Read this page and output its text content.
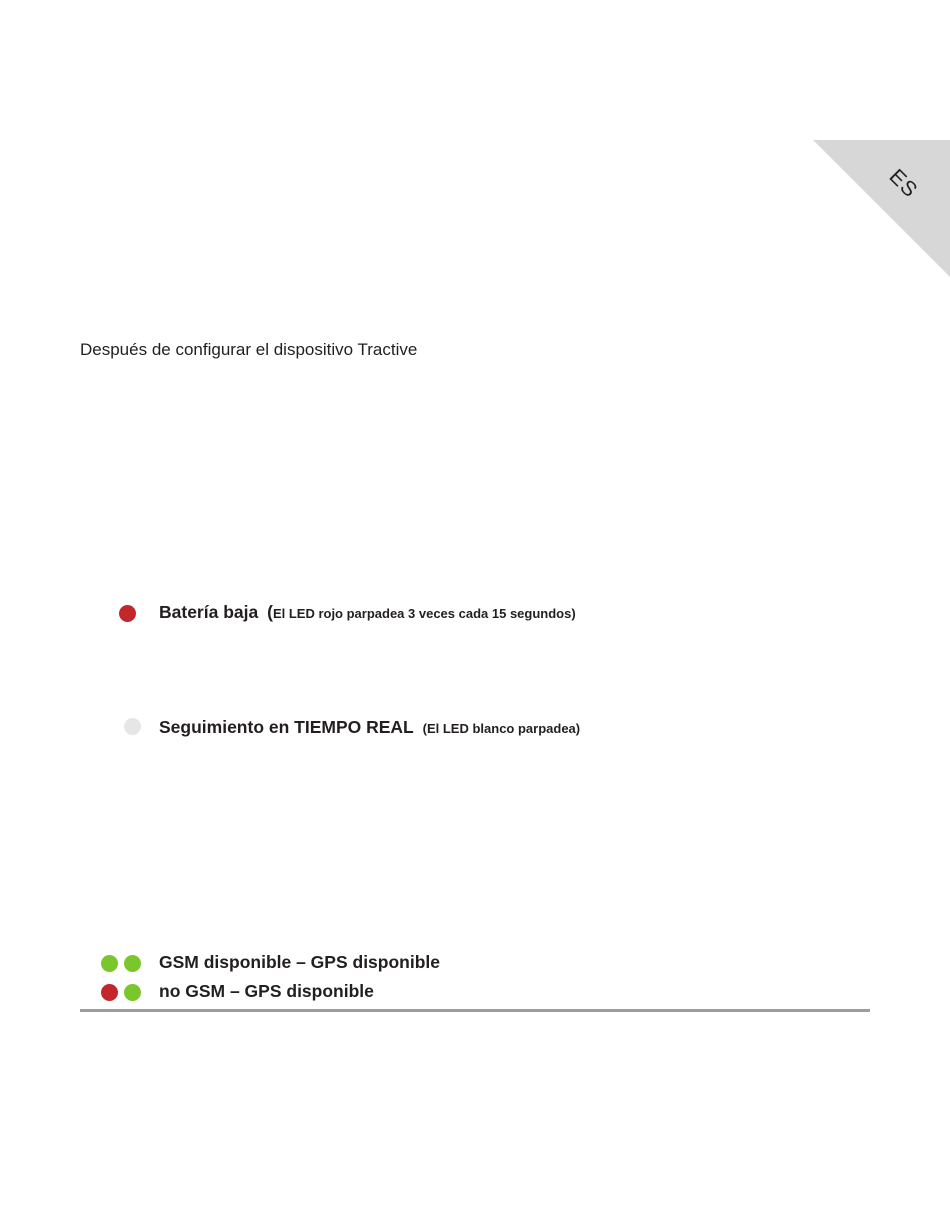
ES
Después de configurar el dispositivo Tractive
Batería baja (El LED rojo parpadea 3 veces cada 15 segundos)
Seguimiento en TIEMPO REAL (El LED blanco parpadea)
GSM disponible – GPS disponible
no GSM – GPS disponible
